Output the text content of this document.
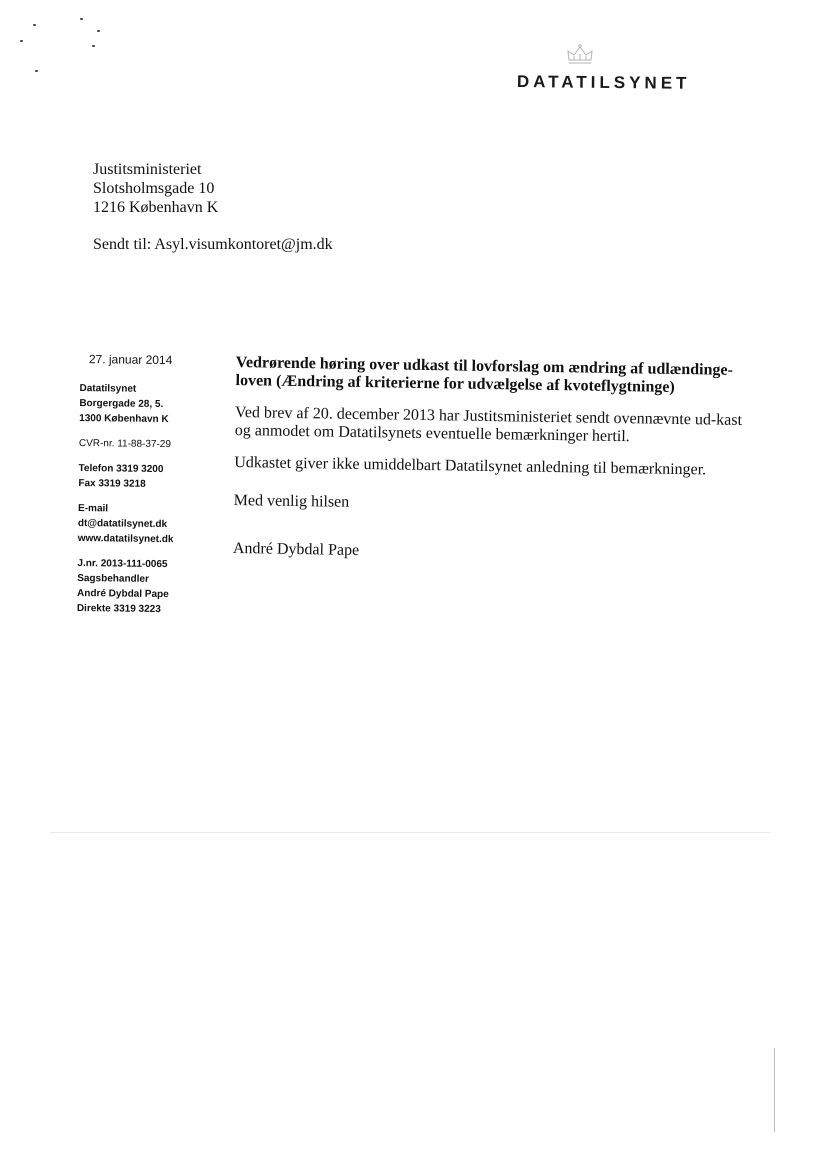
DATATILSYNET
Justitsministeriet
Slotsholmsgade 10
1216 København K
Sendt til: Asyl.visumkontoret@jm.dk
27. januar 2014
Datatilsynet
Borgergade 28, 5.
1300 København K
CVR-nr. 11-88-37-29
Telefon 3319 3200
Fax 3319 3218
E-mail
dt@datatilsynet.dk
www.datatilsynet.dk
J.nr. 2013-111-0065
Sagsbehandler
André Dybdal Pape
Direkte 3319 3223
Vedrørende høring over udkast til lovforslag om ændring af udlændinge-loven (Ændring af kriterierne for udvælgelse af kvoteflygtninge)

Ved brev af 20. december 2013 har Justitsministeriet sendt ovennævnte ud-kast og anmodet om Datatilsynets eventuelle bemærkninger hertil.

Udkastet giver ikke umiddelbart Datatilsynet anledning til bemærkninger.

Med venlig hilsen

André Dybdal Pape
